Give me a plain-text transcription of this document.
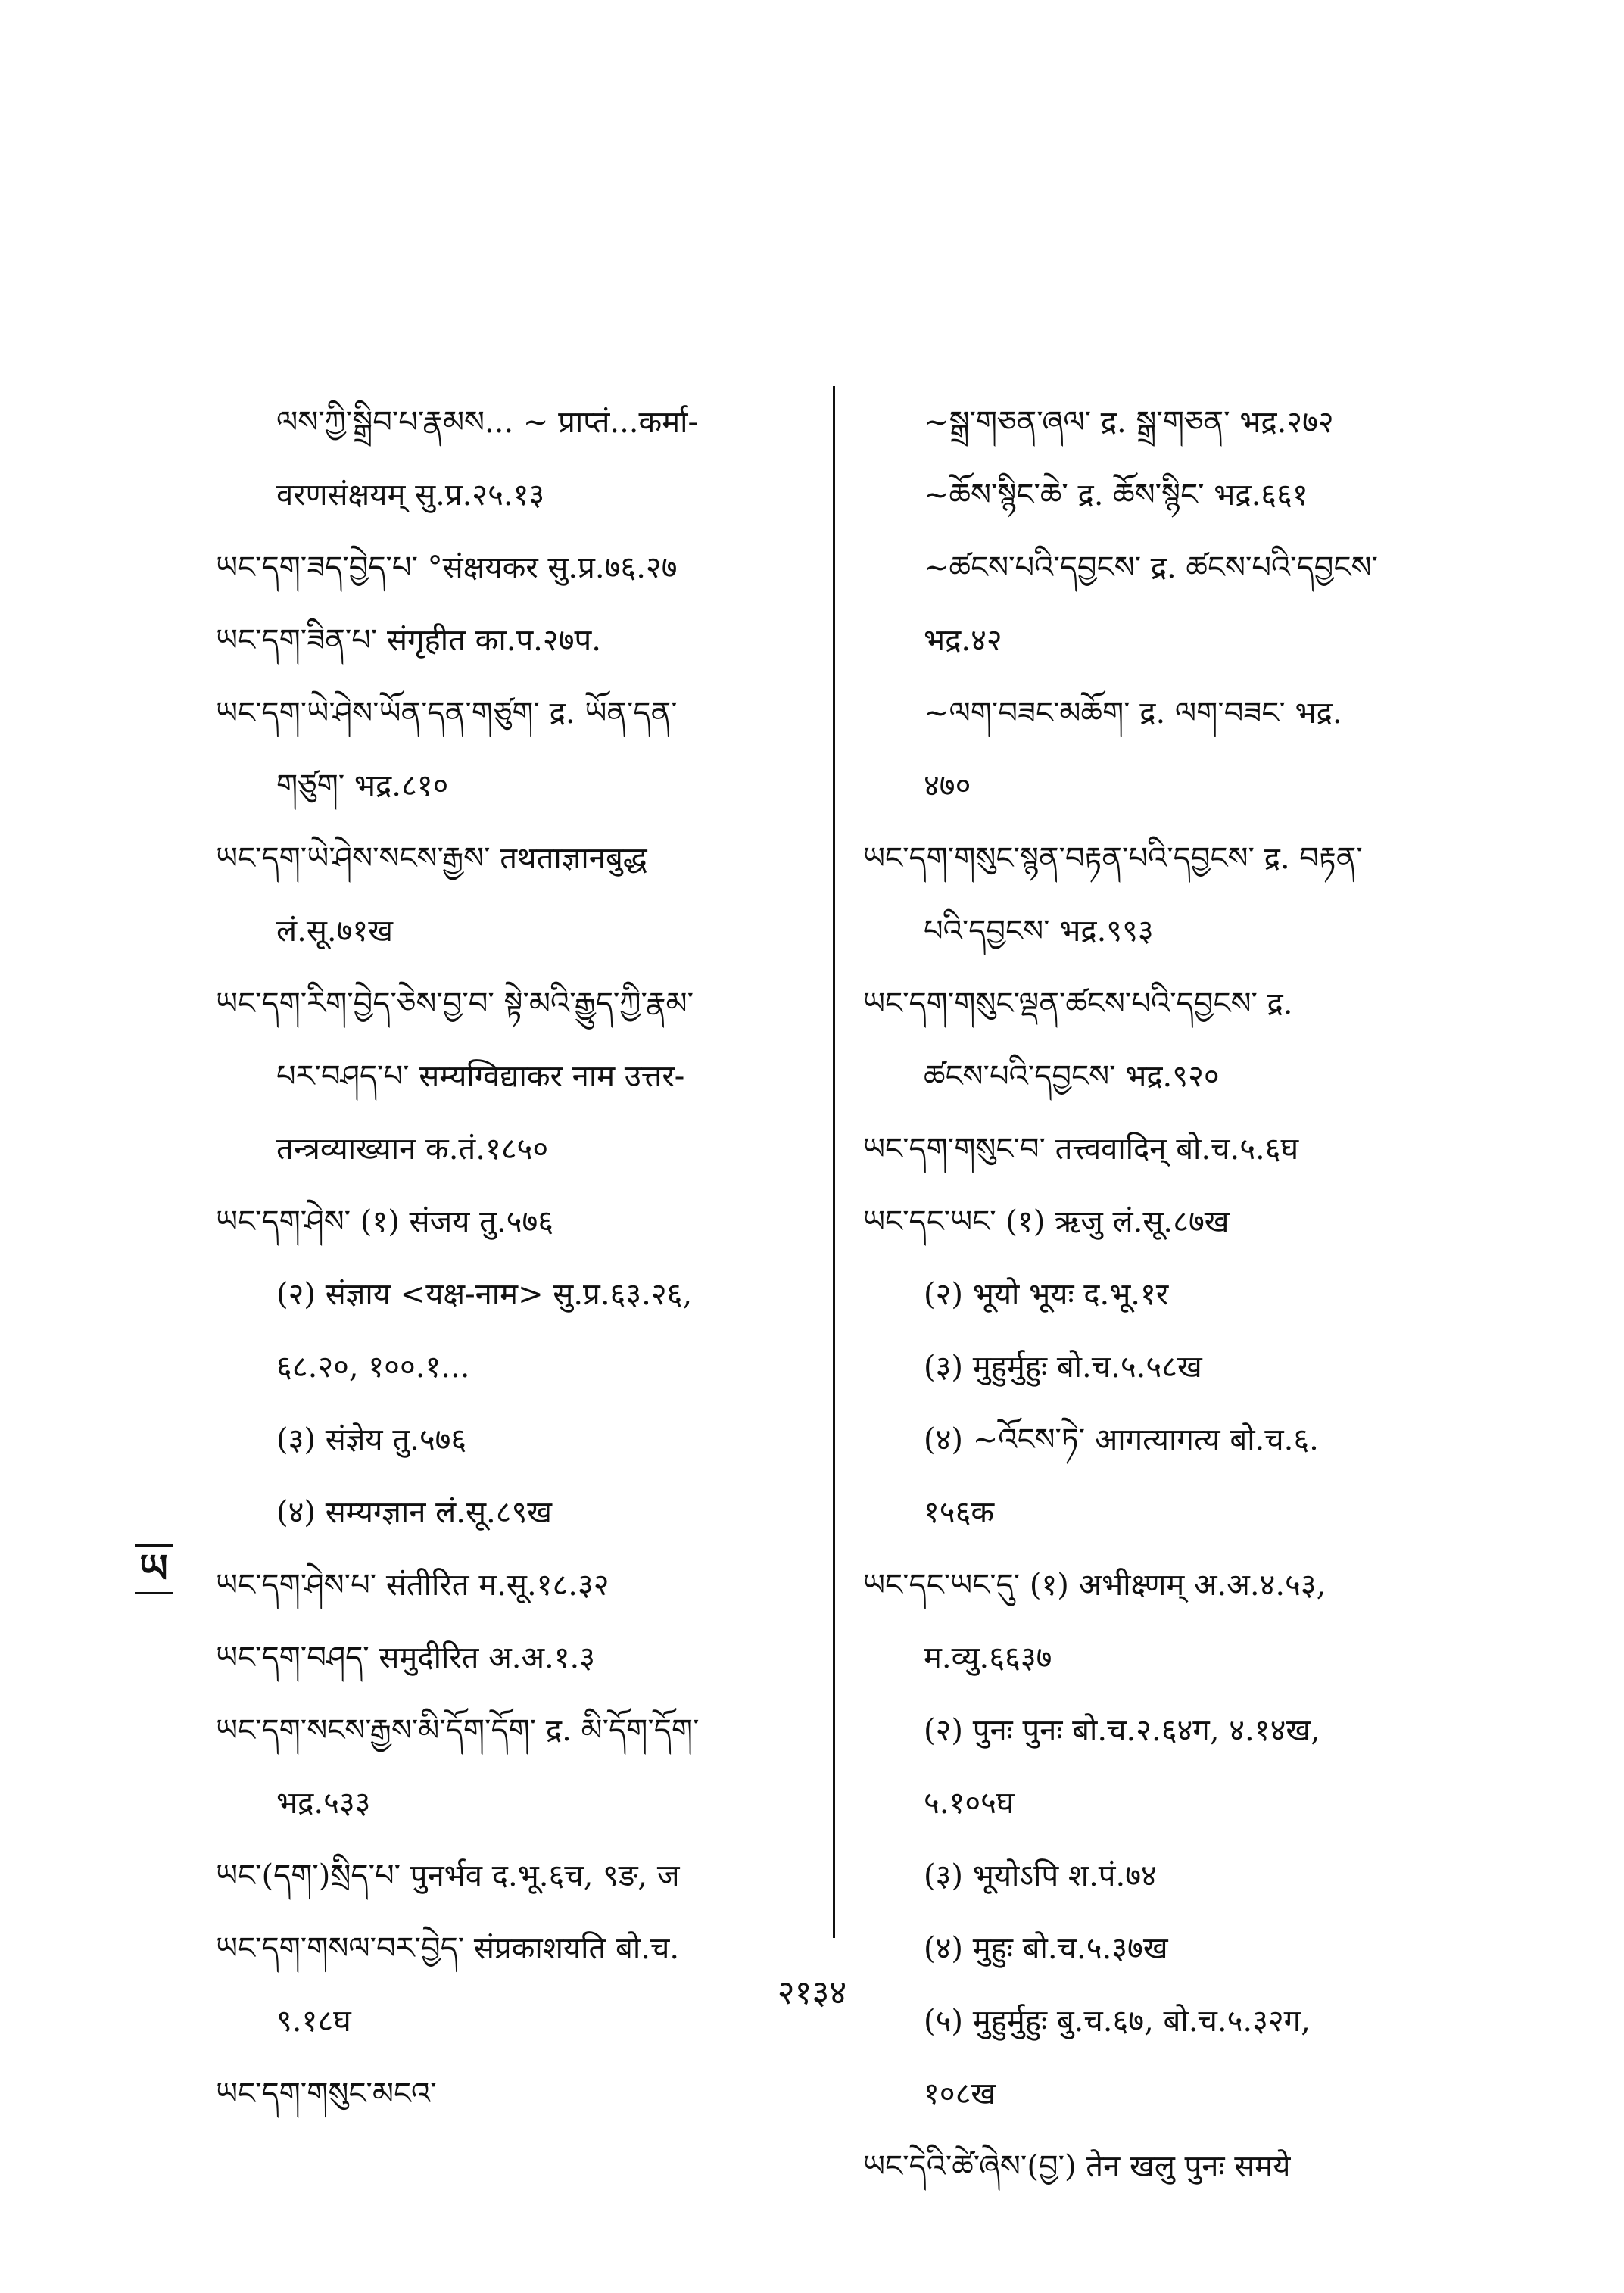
ལས་ཀྱི་སྒྲིབ་པ་རྣམས... ~ प्राप्तं...कर्मा-
वरणसंक्षयम् सु.प्र.२५.१३
ཡང་དག་ཟད་བྱེད་པ་ °संक्षयकर सु.प्र.७६.२७
ཡང་དག་ཟིན་པ་ संगृहीत का.प.२७प.
ཡང་དག་ཡེ་ཤེས་ཡོན་དན་གཙུག་ द्र. ཡོན་དན་
གཙུག་ भद्र.८१०
ཡང་དག་ཡེ་ཤེས་སངས་རྒྱས་ तथताज्ञानबुद्ध
लं.सू.७१ख
ཡང་དག་རིག་བྱེད་ཅེས་བྱ་བ་ སྟེ་མའི་རྒྱུད་ཀྱི་རྣམ་
པར་བཤད་པ་ सम्यग्विद्याकर नाम उत्तर-
तन्त्रव्याख्यान क.तं.१८५०
ཡང་དག་ཤེས་ (१) संजय तु.५७६
(२) संज्ञाय <यक्ष-नाम> सु.प्र.६३.२६,
६८.२०, १००.१...
(३) संज्ञेय तु.५७६
(४) सम्यग्ज्ञान लं.सू.८९ख
ཡང་དག་ཤེས་པ་ संतीरित म.सू.१८.३२
ཡང་དག་བཤད་ समुदीरित अ.अ.१.३
ཡང་དག་སངས་རྒྱས་མི་དོག་དོག་ द्र. མི་དོག་དོག་
भद्र.५३३
ཡང་(དག་)སྲིད་པ་ पुनर्भव द.भू.६च, ९ङ, ज
ཡང་དག་གསལ་བར་བྱེད་ संप्रकाशयति बो.च.
९.१८घ
ཡང་དག་གསུང་མངའ་
~སྒྲ་གཅན་ཞལ་ द्र. སྒྲ་གཅན་ भद्र.२७२
~ཆོས་སྙིང་ཆེ་ द्र. ཆོས་སྙིང་ भद्र.६६१
~ཚངས་པའི་དབྱངས་ द्र. ཚངས་པའི་དབྱངས་
भद्र.४२
~ལག་བཟང་མཆོག་ द्र. ལག་བཟང་ भद्र.
४७०
ཡང་དག་གསུང་སྙན་བརྟན་པའི་དབྱངས་ द्र. བརྟན་
པའི་དབྱངས་ भद्र.९९३
ཡང་དག་གསུང་ལྡན་ཚངས་པའི་དབྱངས་ द्र.
ཚངས་པའི་དབྱངས་ भद्र.९२०
ཡང་དག་གསུང་བ་ तत्त्ववादिन् बो.च.५.६घ
ཡང་དང་ཡང་ (१) ऋजु लं.सू.८७ख
(२) भूयो भूयः द.भू.१र
(३) मुहुर्मुहुः बो.च.५.५८ख
(४) ~འོངས་ཏེ་ आगत्यागत्य बो.च.६.
१५६क
ཡང་དང་ཡང་དུ་ (१) अभीक्ष्णम् अ.अ.४.५३,
म.व्यु.६६३७
(२) पुनः पुनः बो.च.२.६४ग, ४.१४ख,
५.१०५घ
(३) भूयोऽपि श.पं.७४
(४) मुहुः बो.च.५.३७ख
(५) मुहुर्मुहुः बु.च.६७, बो.च.५.३२ग,
१०८ख
ཡང་དེའི་ཚེ་ཞེས་(བྱ་) तेन खलु पुनः समये
ཡ
२१३४
